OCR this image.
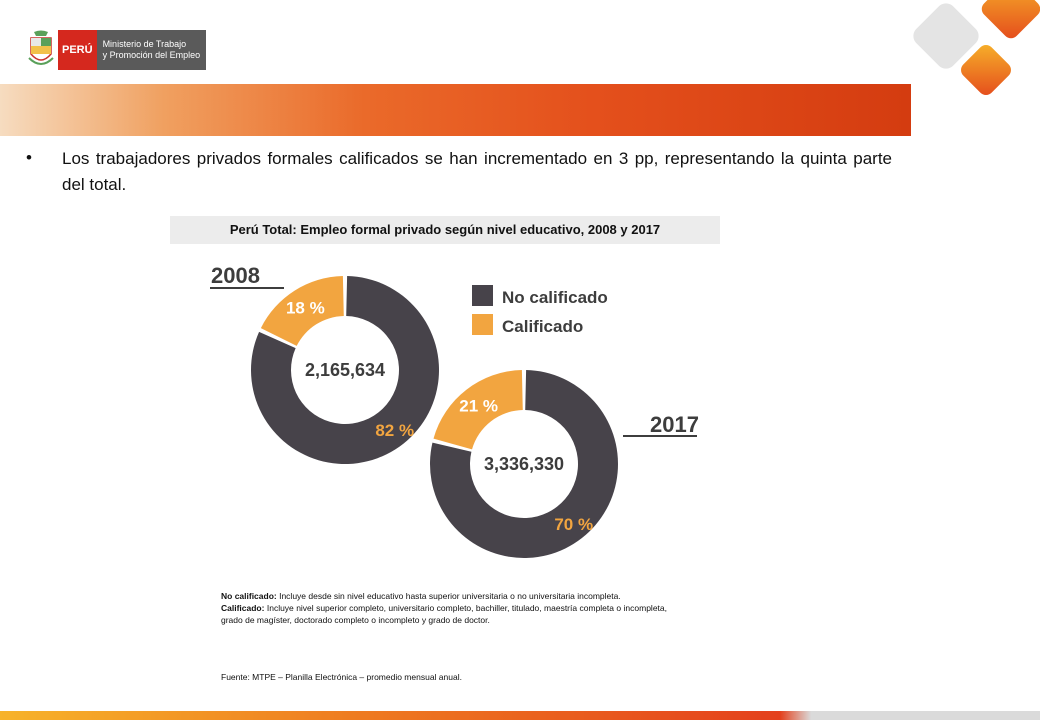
PERÚ	Ministerio de Trabajo
y Promoción del Empleo
Trabajadores según nivel educativo
• Los trabajadores privados formales calificados se han incrementado en 3 pp, representando la quinta parte del total.
Perú Total: Empleo formal privado según nivel educativo, 2008 y 2017
2008
2017
No calificado
Calificado
2,165,634
3,336,330
18 %
82 %
21 %
70 %
No calificado: Incluye desde sin nivel educativo hasta superior universitaria o no universitaria incompleta.
Calificado: Incluye nivel superior completo, universitario completo, bachiller, titulado, maestría completa o incompleta, grado de magíster, doctorado completo o incompleto y grado de doctor.
Fuente: MTPE – Planilla Electrónica – promedio mensual anual.
